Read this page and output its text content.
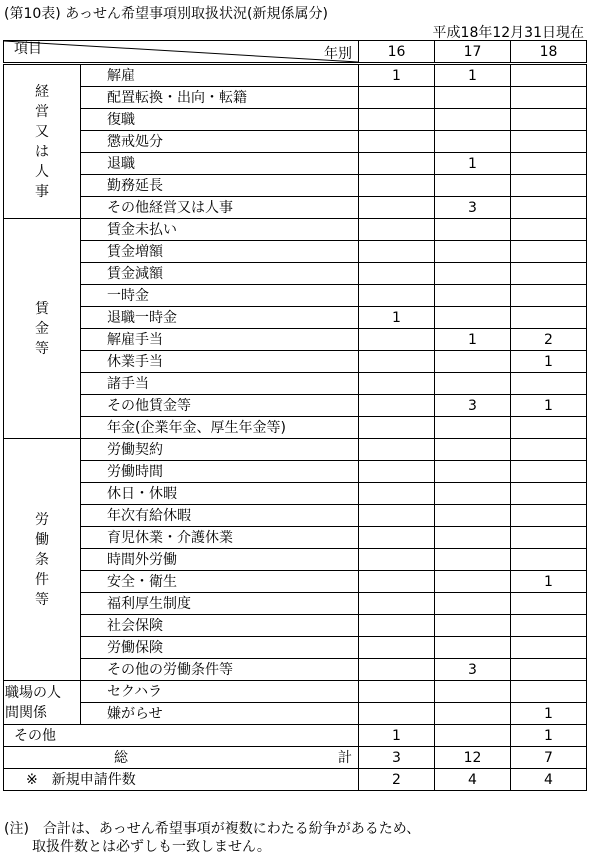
(第10表) あっせん希望事項別取扱状況(新規係属分)
平成18年12月31日現在
年別
項目		16	17	18
経営又は人事	解雇	1	1	
	配置転換・出向・転籍			
	復職			
	懲戒処分			
	退職		1	
	勤務延長			
	その他経営又は人事		3	
賃金等	賃金未払い			
	賃金増額			
	賃金減額			
	一時金			
	退職一時金	1		
	解雇手当		1	2
	休業手当			1
	諸手当			
	その他賃金等		3	1
	年金(企業年金、厚生年金等)			
労働条件等	労働契約			
	労働時間			
	休日・休暇			
	年次有給休暇			
	育児休業・介護休業			
	時間外労働			
	安全・衛生			1
	福利厚生制度			
	社会保険			
	労働保険			
	その他の労働条件等		3	

職場の人
間関係	セクハラ			
	嫌がらせ			1
その他		1		1

総 計		3	12	7
※　新規申請件数		2	4	4
(注)　合計は、あっせん希望事項が複数にわたる紛争があるため、
　　取扱件数とは必ずしも一致しません。
